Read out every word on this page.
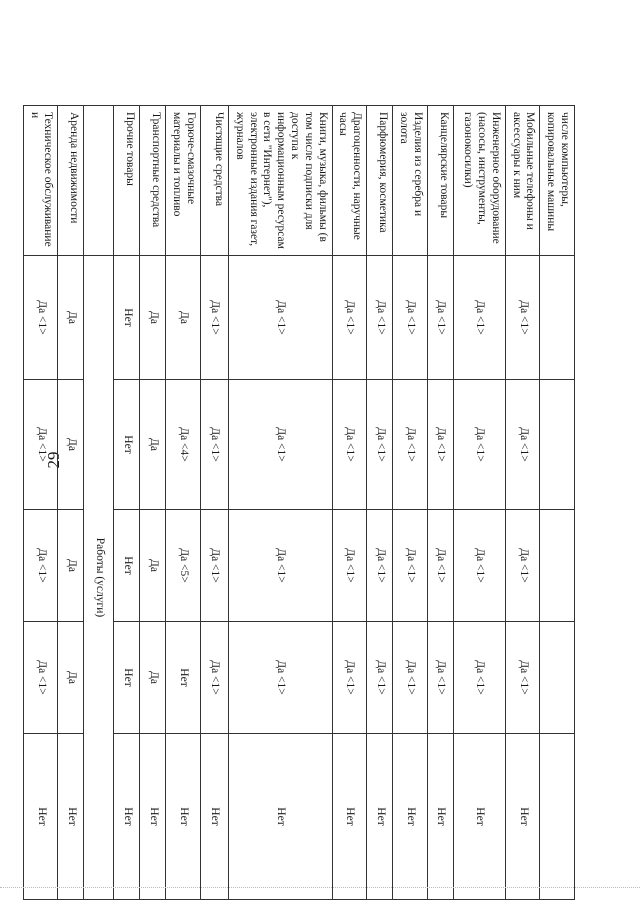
29
числе компьютеры, копировальные машины					
Мобильные телефоны и аксессуары к ним	Да <1>	Да <1>	Да <1>	Да <1>	Нет
Инженерное оборудование (насосы, инструменты, газонокосилки)	Да <1>	Да <1>	Да <1>	Да <1>	Нет
Канцелярские товары	Да <1>	Да <1>	Да <1>	Да <1>	Нет
Изделия из серебра и золота	Да <1>	Да <1>	Да <1>	Да <1>	Нет
Парфюмерия, косметика	Да <1>	Да <1>	Да <1>	Да <1>	Нет
Драгоценности, наручные часы	Да <1>	Да <1>	Да <1>	Да <1>	Нет
Книги, музыка, фильмы (в том числе подписки для доступа к информационным ресурсам в сети "Интернет"), электронные издания газет, журналов	Да <1>	Да <1>	Да <1>	Да <1>	Нет
Чистящие средства	Да <1>	Да <1>	Да <1>	Да <1>	Нет
Горюче-смазочные материалы и топливо	Да	Да <4>	Да <5>	Нет	Нет
Транспортные средства	Да	Да	Да	Да	Нет
Прочие товары	Нет	Нет	Нет	Нет	Нет
	Работы (услуги)				
Аренда недвижимости	Да	Да	Да	Да	Нет
Техническое обслуживание и	Да <1>	Да <1>	Да <1>	Да <1>	Нет
